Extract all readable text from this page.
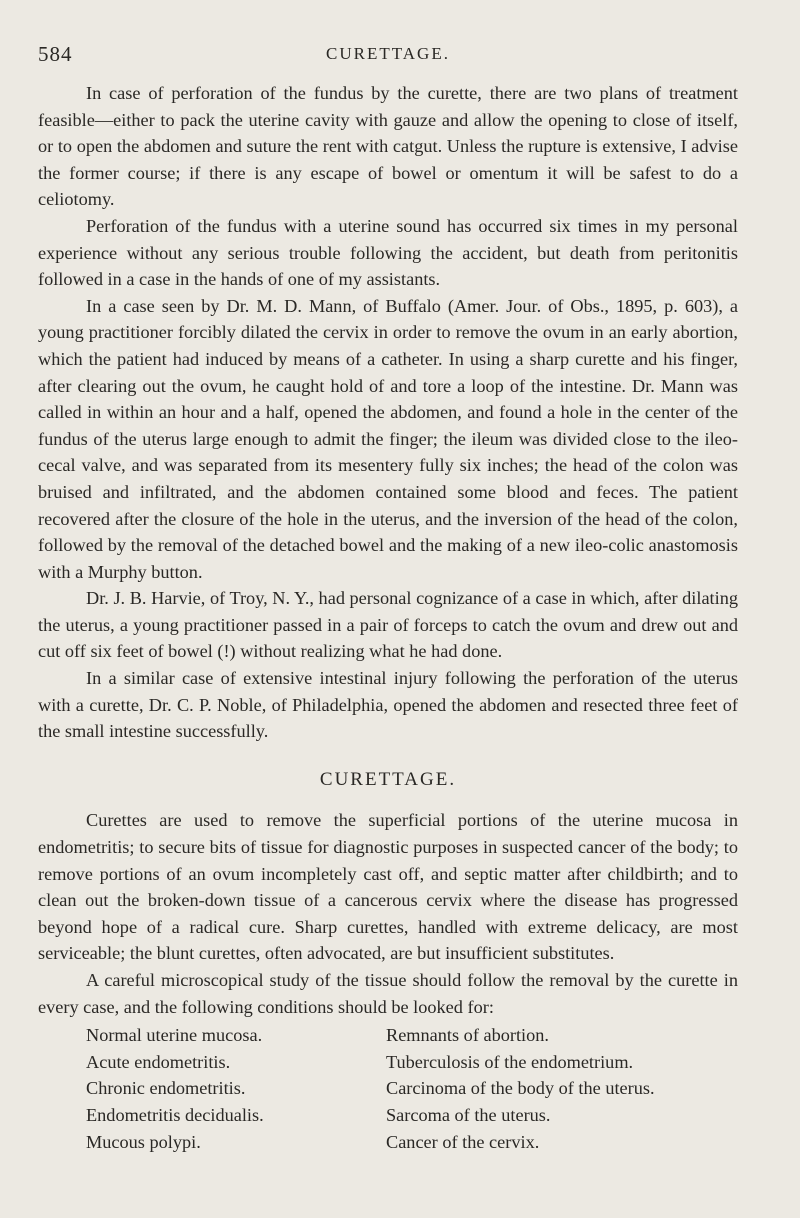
584	CURETTAGE.

In case of perforation of the fundus by the curette, there are two plans of treatment feasible—either to pack the uterine cavity with gauze and allow the opening to close of itself, or to open the abdomen and suture the rent with catgut. Unless the rupture is extensive, I advise the former course; if there is any escape of bowel or omentum it will be safest to do a celiotomy.

Perforation of the fundus with a uterine sound has occurred six times in my personal experience without any serious trouble following the accident, but death from peritonitis followed in a case in the hands of one of my assistants.

In a case seen by Dr. M. D. Mann, of Buffalo (Amer. Jour. of Obs., 1895, p. 603), a young practitioner forcibly dilated the cervix in order to remove the ovum in an early abortion, which the patient had induced by means of a catheter. In using a sharp curette and his finger, after clearing out the ovum, he caught hold of and tore a loop of the intestine. Dr. Mann was called in within an hour and a half, opened the abdomen, and found a hole in the center of the fundus of the uterus large enough to admit the finger; the ileum was divided close to the ileo-cecal valve, and was separated from its mesentery fully six inches; the head of the colon was bruised and infiltrated, and the abdomen contained some blood and feces. The patient recovered after the closure of the hole in the uterus, and the inversion of the head of the colon, followed by the removal of the detached bowel and the making of a new ileo-colic anastomosis with a Murphy button.

Dr. J. B. Harvie, of Troy, N. Y., had personal cognizance of a case in which, after dilating the uterus, a young practitioner passed in a pair of forceps to catch the ovum and drew out and cut off six feet of bowel (!) without realizing what he had done.

In a similar case of extensive intestinal injury following the perforation of the uterus with a curette, Dr. C. P. Noble, of Philadelphia, opened the abdomen and resected three feet of the small intestine successfully.

CURETTAGE.

Curettes are used to remove the superficial portions of the uterine mucosa in endometritis; to secure bits of tissue for diagnostic purposes in suspected cancer of the body; to remove portions of an ovum incompletely cast off, and septic matter after childbirth; and to clean out the broken-down tissue of a cancerous cervix where the disease has progressed beyond hope of a radical cure. Sharp curettes, handled with extreme delicacy, are most serviceable; the blunt curettes, often advocated, are but insufficient substitutes.

A careful microscopical study of the tissue should follow the removal by the curette in every case, and the following conditions should be looked for:

Normal uterine mucosa.	Remnants of abortion.
Acute endometritis.	Tuberculosis of the endometrium.
Chronic endometritis.	Carcinoma of the body of the uterus.
Endometritis decidualis.	Sarcoma of the uterus.
Mucous polypi.	Cancer of the cervix.
